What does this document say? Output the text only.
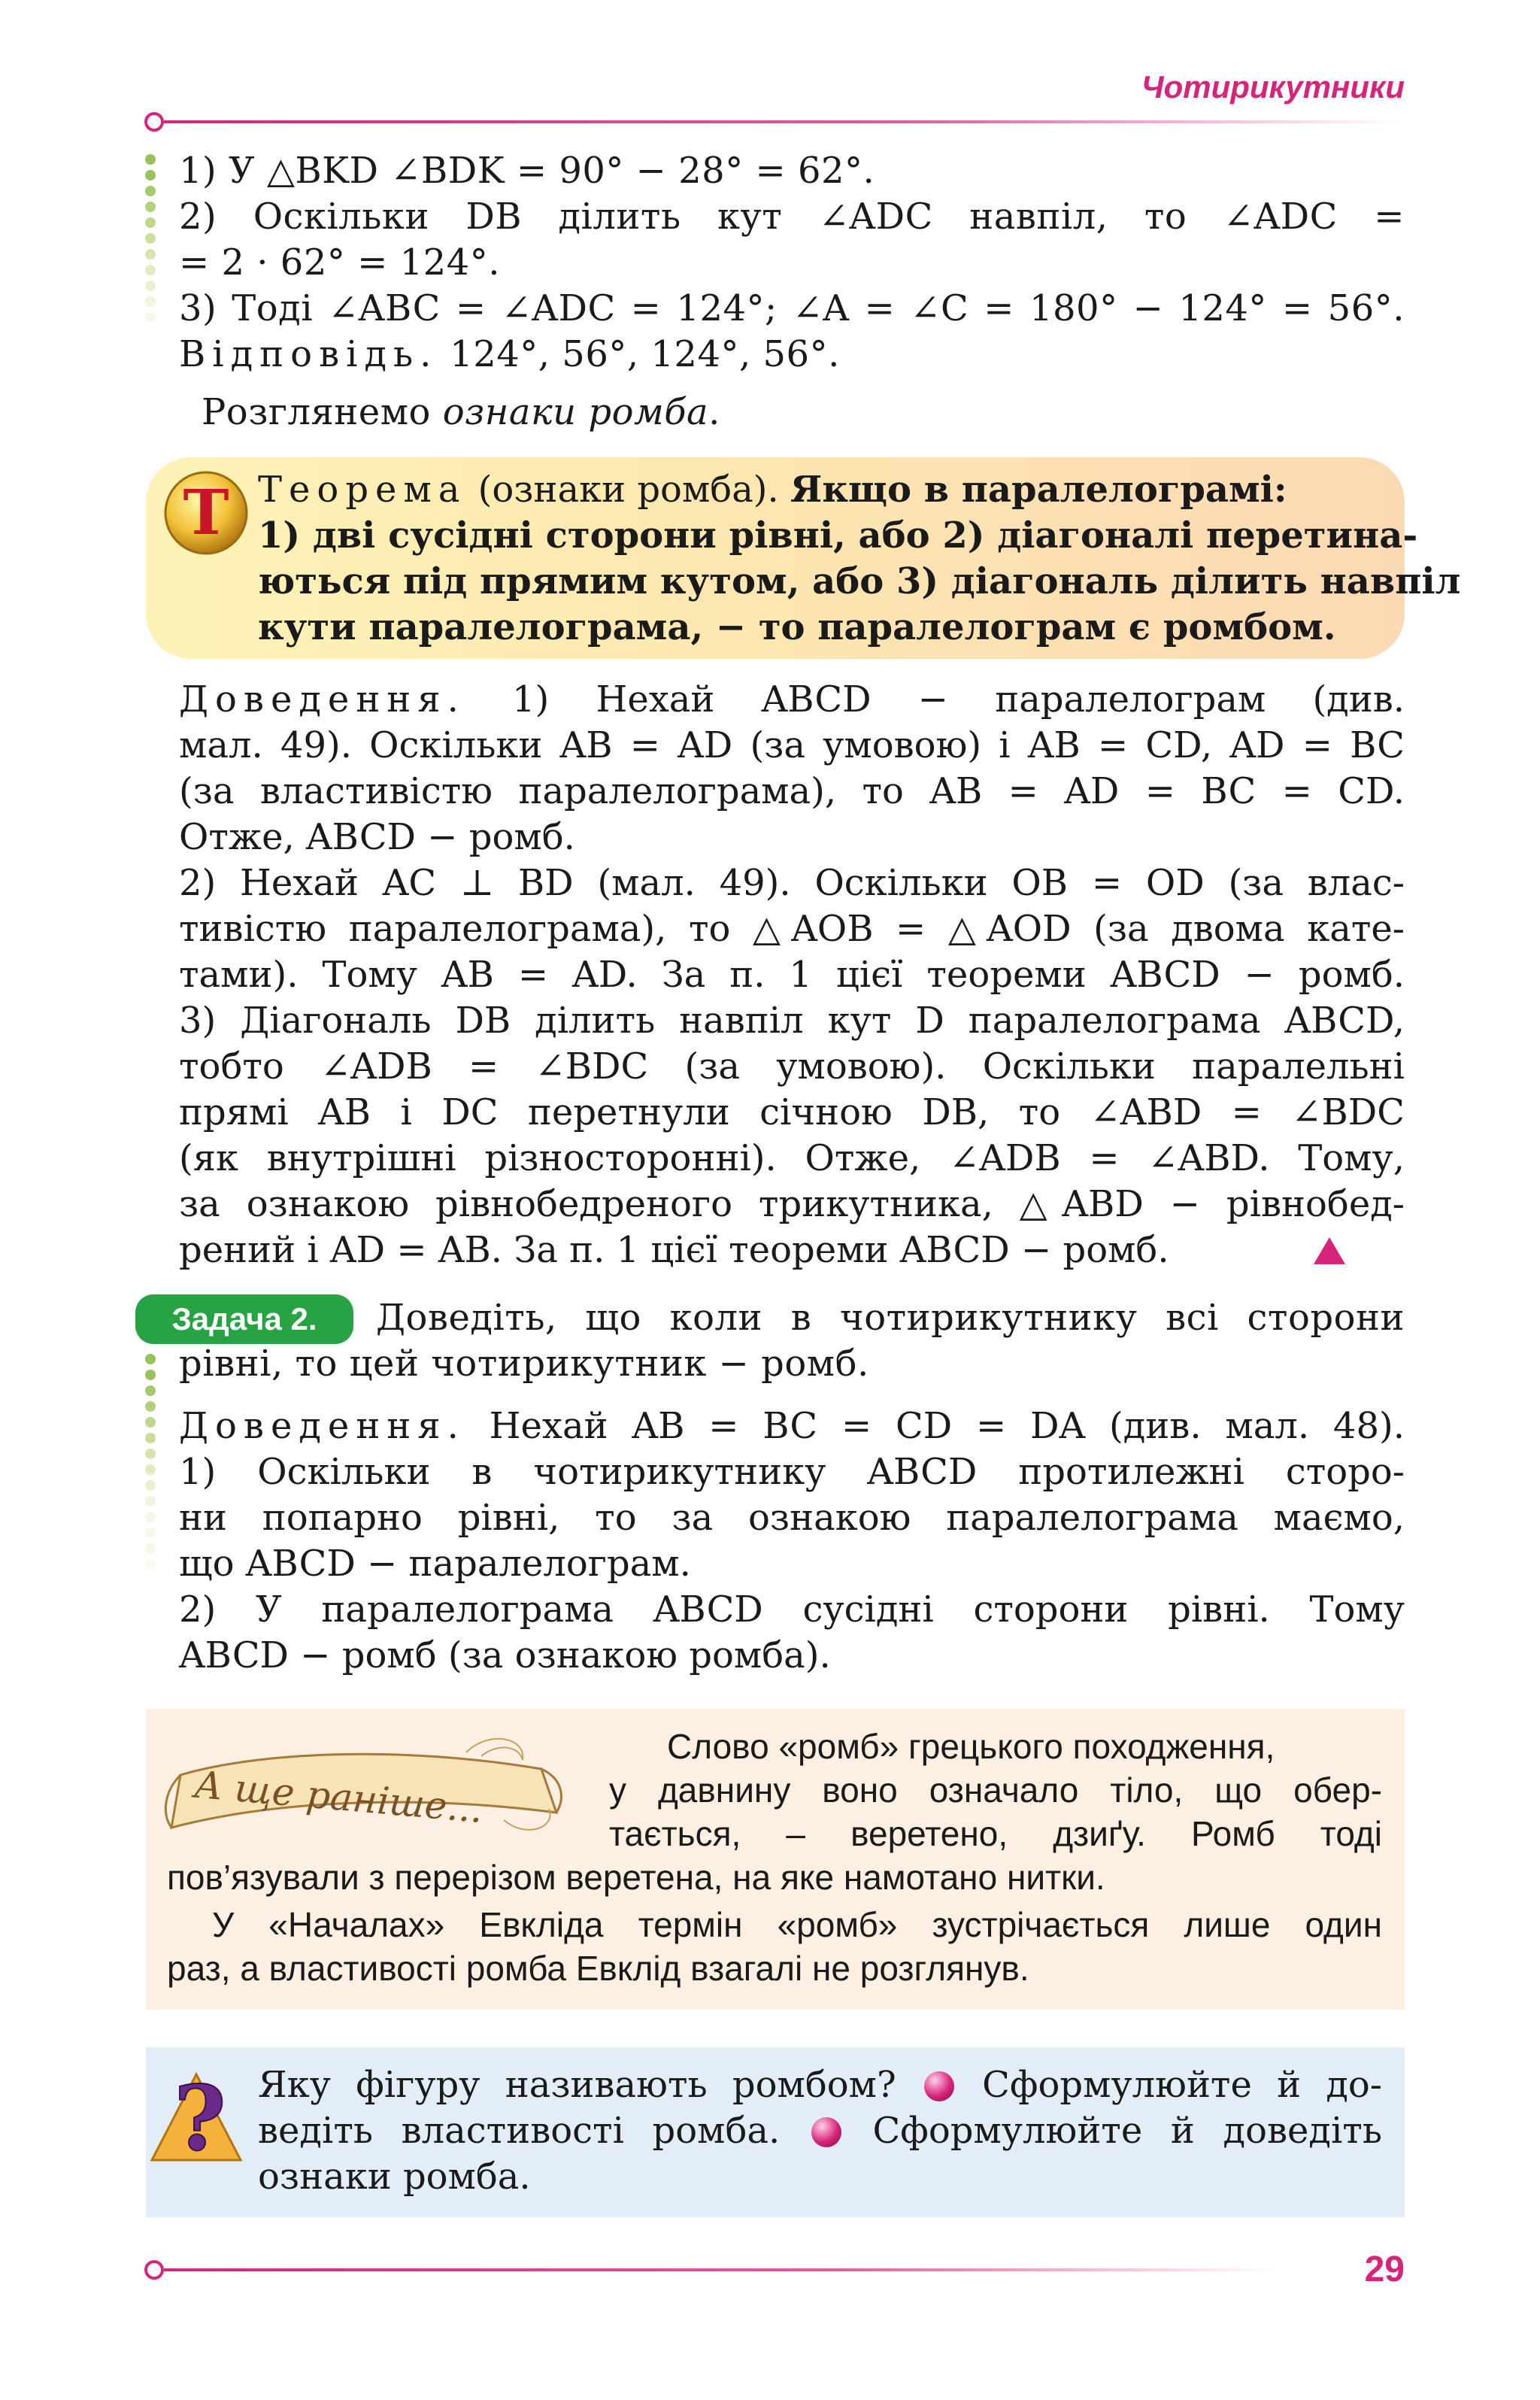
Чотирикутники
1) У △BKD ∠BDK = 90° − 28° = 62°.
2) Оскільки DB ділить кут ∠ADC навпіл, то ∠ADC =
= 2 · 62° = 124°.
3) Тоді ∠ABC = ∠ADC = 124°; ∠A = ∠C = 180° − 124° = 56°.
Відповідь. 124°, 56°, 124°, 56°.
Розглянемо ознаки ромба.
Т Теорема (ознаки ромба). Якщо в паралелограмі:
1) дві сусідні сторони рівні, або 2) діагоналі перетина-
ються під прямим кутом, або 3) діагональ ділить навпіл
кути паралелограма, − то паралелограм є ромбом.
Доведення. 1) Нехай ABCD − паралелограм (див.
мал. 49). Оскільки AB = AD (за умовою) і AB = CD, AD = BC
(за властивістю паралелограма), то AB = AD = BC = CD.
Отже, ABCD − ромб.
2) Нехай AC ⊥ BD (мал. 49). Оскільки OB = OD (за влас-
тивістю паралелограма), то △AOB = △AOD (за двома кате-
тами). Тому AB = AD. За п. 1 цієї теореми ABCD − ромб.
3) Діагональ DB ділить навпіл кут D паралелограма ABCD,
тобто ∠ADB = ∠BDC (за умовою). Оскільки паралельні
прямі AB і DC перетнули січною DB, то ∠ABD = ∠BDC
(як внутрішні різносторонні). Отже, ∠ADB = ∠ABD. Тому,
за ознакою рівнобедреного трикутника, △ABD − рівнобед-
рений і AD = AB. За п. 1 цієї теореми ABCD − ромб.
Задача 2.	Доведіть, що коли в чотирикутнику всі сторони
рівні, то цей чотирикутник − ромб.
Доведення. Нехай AB = BC = CD = DA (див. мал. 48).
1) Оскільки в чотирикутнику ABCD протилежні сторо-
ни попарно рівні, то за ознакою паралелограма маємо,
що ABCD − паралелограм.
2) У паралелограма ABCD сусідні сторони рівні. Тому
ABCD − ромб (за ознакою ромба).
А ще раніше...
Слово «ромб» грецького походження,
у давнину воно означало тіло, що обер-
тається, – веретено, дзиґу. Ромб тоді
пов’язували з перерізом веретена, на яке намотано нитки.
У «Началах» Евкліда термін «ромб» зустрічається лише один
раз, а властивості ромба Евклід взагалі не розглянув.
? Яку фігуру називають ромбом? Сформулюйте й до-
ведіть властивості ромба.	Сформулюйте й доведіть
ознаки ромба.
29
